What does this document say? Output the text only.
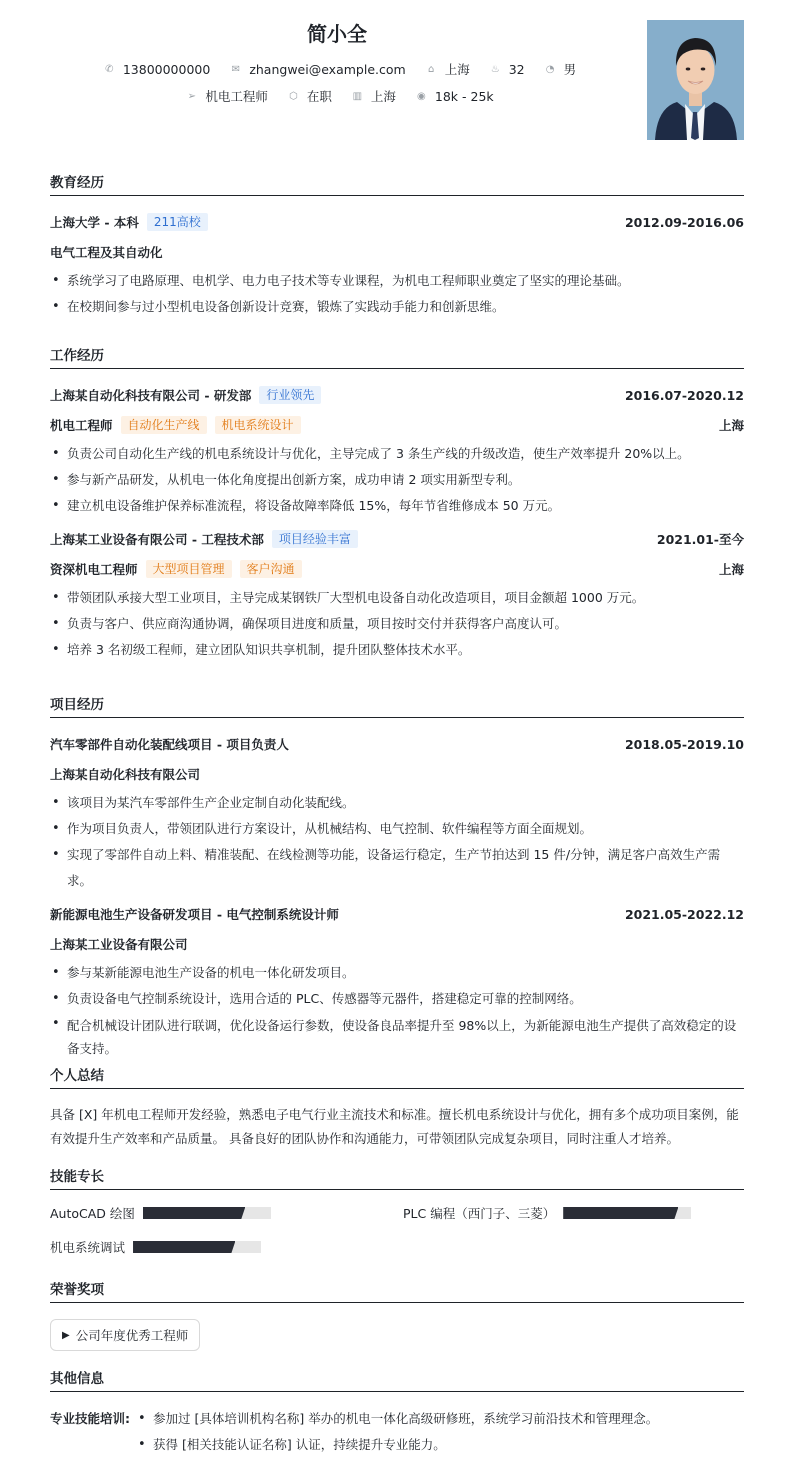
简小全
✆ 13800000000 ✉ zhangwei@example.com ⌂ 上海 ♨ 32 ◔ 男
➢ 机电工程师 ⬡ 在职 ▥ 上海 ◉ 18k - 25k
教育经历
上海大学 - 本科	211高校	2012.09-2016.06
电气工程及其自动化
• 系统学习了电路原理、电机学、电力电子技术等专业课程，为机电工程师职业奠定了坚实的理论基础。
• 在校期间参与过小型机电设备创新设计竞赛，锻炼了实践动手能力和创新思维。
工作经历
上海某自动化科技有限公司 - 研发部	行业领先	2016.07-2020.12
机电工程师	自动化生产线	机电系统设计	上海
• 负责公司自动化生产线的机电系统设计与优化，主导完成了 3 条生产线的升级改造，使生产效率提升 20%以上。
• 参与新产品研发，从机电一体化角度提出创新方案，成功申请 2 项实用新型专利。
• 建立机电设备维护保养标准流程，将设备故障率降低 15%，每年节省维修成本 50 万元。
上海某工业设备有限公司 - 工程技术部	项目经验丰富	2021.01-至今
资深机电工程师	大型项目管理	客户沟通	上海
• 带领团队承接大型工业项目，主导完成某钢铁厂大型机电设备自动化改造项目，项目金额超 1000 万元。
• 负责与客户、供应商沟通协调，确保项目进度和质量，项目按时交付并获得客户高度认可。
• 培养 3 名初级工程师，建立团队知识共享机制，提升团队整体技术水平。
项目经历
汽车零部件自动化装配线项目 - 项目负责人	2018.05-2019.10
上海某自动化科技有限公司
• 该项目为某汽车零部件生产企业定制自动化装配线。
• 作为项目负责人，带领团队进行方案设计，从机械结构、电气控制、软件编程等方面全面规划。
• 实现了零部件自动上料、精准装配、在线检测等功能，设备运行稳定，生产节拍达到 15 件/分钟，满足客户高效生产需求。
新能源电池生产设备研发项目 - 电气控制系统设计师	2021.05-2022.12
上海某工业设备有限公司
• 参与某新能源电池生产设备的机电一体化研发项目。
• 负责设备电气控制系统设计，选用合适的 PLC、传感器等元器件，搭建稳定可靠的控制网络。
• 配合机械设计团队进行联调，优化设备运行参数，使设备良品率提升至 98%以上，为新能源电池生产提供了高效稳定的设备支持。
个人总结
具备 [X] 年机电工程师开发经验，熟悉电子电气行业主流技术和标准。擅长机电系统设计与优化，拥有多个成功项目案例，能有效提升生产效率和产品质量。 具备良好的团队协作和沟通能力，可带领团队完成复杂项目，同时注重人才培养。
技能专长
AutoCAD 绘图	PLC 编程（西门子、三菱）
机电系统调试
荣誉奖项
▶ 公司年度优秀工程师
其他信息
专业技能培训:
•	参加过 [具体培训机构名称] 举办的机电一体化高级研修班，系统学习前沿技术和管理理念。
• 获得 [相关技能认证名称] 认证，持续提升专业能力。
